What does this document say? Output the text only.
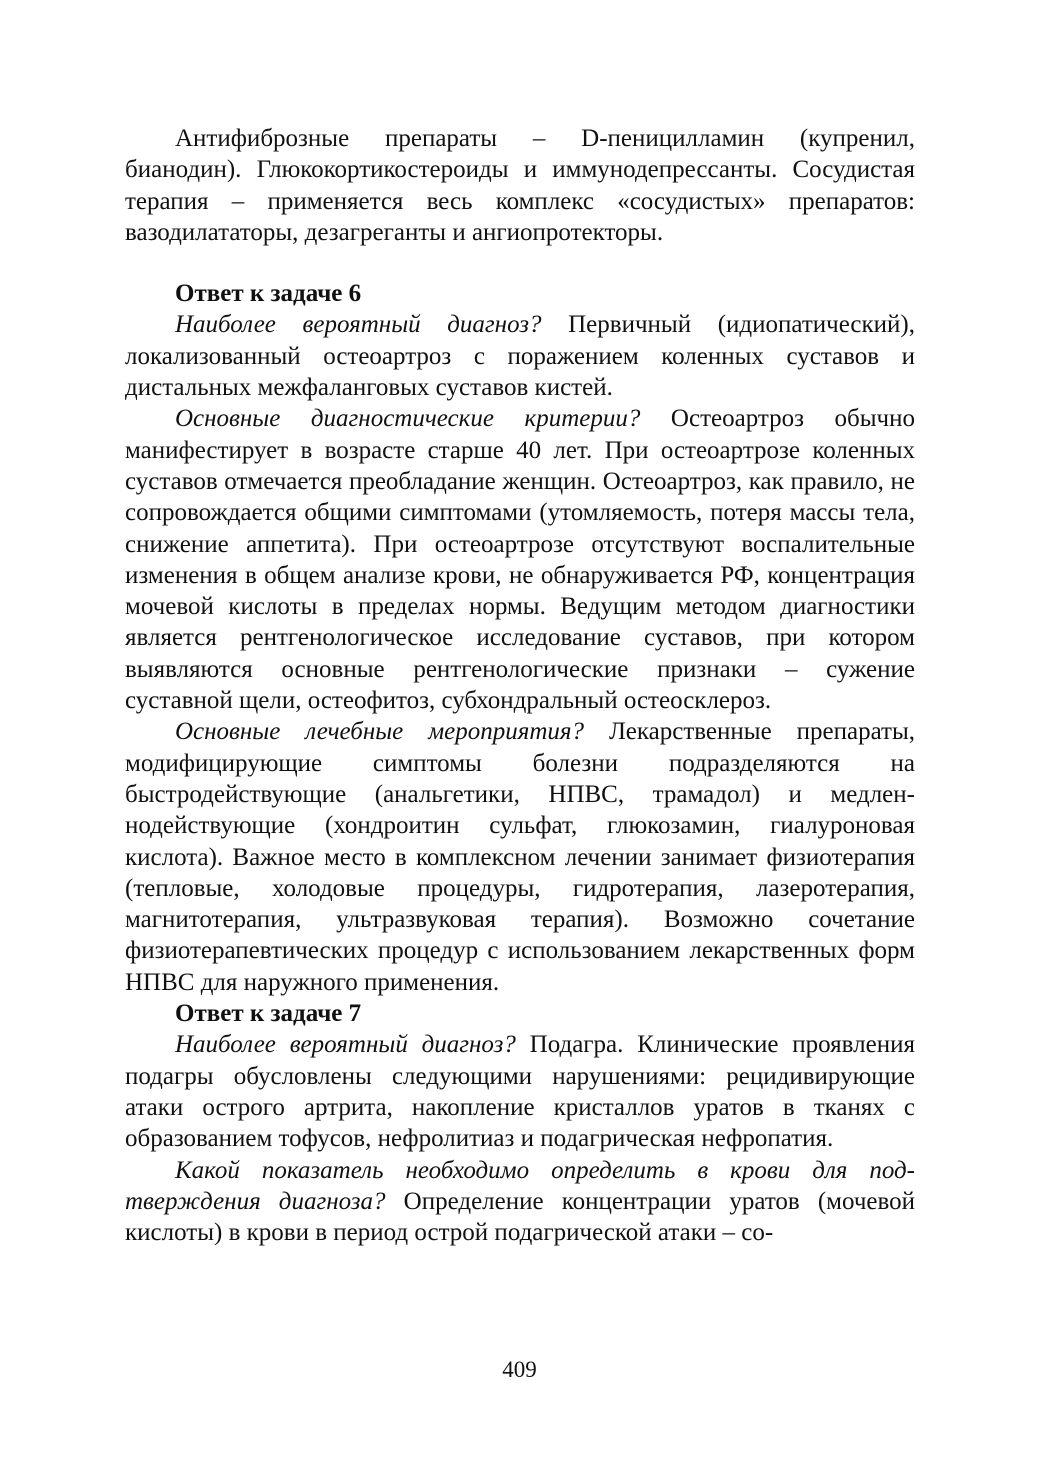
Антифиброзные препараты – D-пеницилламин (купренил, бианодин). Глюкокортикостероиды и иммунодепрессанты. Сосудистая терапия – применяется весь комплекс «сосудистых» препаратов: вазодилататоры, дезагреганты и ангиопротекторы.

Ответ к задаче 6

Наиболее вероятный диагноз? Первичный (идиопатический), локализованный остеоартроз с поражением коленных суставов и дистальных межфаланговых суставов кистей.

Основные диагностические критерии? Остеоартроз обычно манифестирует в возрасте старше 40 лет. При остеоартрозе коленных суставов отмечается преобладание женщин. Остеоартроз, как правило, не сопровождается общими симптомами (утомляемость, потеря массы тела, снижение аппетита). При остеоартрозе отсутствуют воспалительные изменения в общем анализе крови, не обнаруживается РФ, концентрация мочевой кислоты в пределах нормы. Ведущим методом диагностики является рентгенологическое исследование суставов, при котором выявляются основные рентгенологические признаки – сужение суставной щели, остеофитоз, субхондральный остеосклероз.

Основные лечебные мероприятия? Лекарственные препараты, модифицирующие симптомы болезни подразделяются на быстродействующие (анальгетики, НПВС, трамадол) и медленнодействующие (хондроитин сульфат, глюкозамин, гиалуроновая кислота). Важное место в комплексном лечении занимает физиотерапия (тепловые, холодовые процедуры, гидротерапия, лазеротерапия, магнитотерапия, ультразвуковая терапия). Возможно сочетание физиотерапевтических процедур с использованием лекарственных форм НПВС для наружного применения.

Ответ к задаче 7

Наиболее вероятный диагноз? Подагра. Клинические проявления подагры обусловлены следующими нарушениями: рецидивирующие атаки острого артрита, накопление кристаллов уратов в тканях с образованием тофусов, нефролитиаз и подагрическая нефропатия.

Какой показатель необходимо определить в крови для подтверждения диагноза? Определение концентрации уратов (мочевой кислоты) в крови в период острой подагрической атаки – со-

409
